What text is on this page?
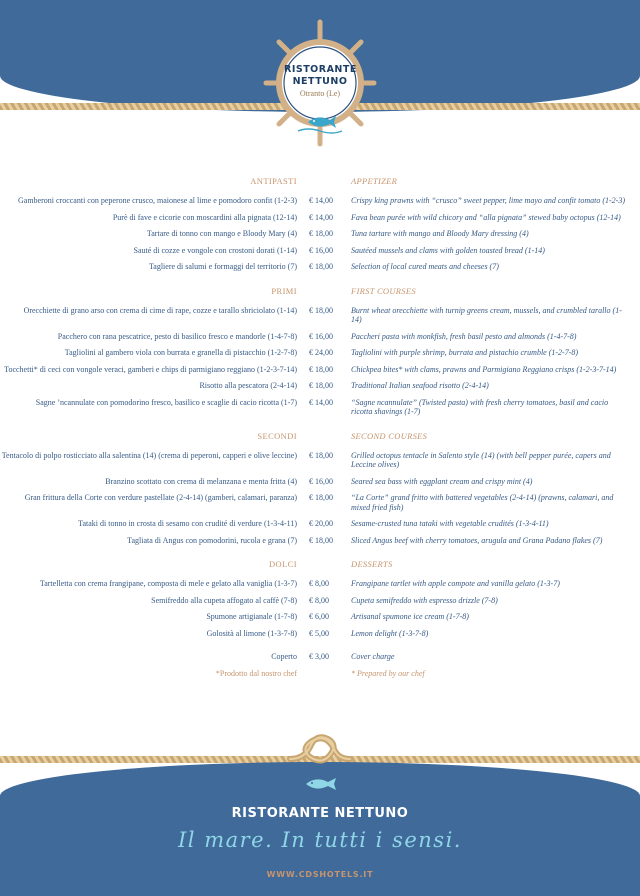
RISTORANTE
NETTUNO
Otranto (Le)
ANTIPASTI	APPETIZER
Gamberoni croccanti con peperone crusco, maionese al lime e pomodoro confit (1-2-3)	€ 14,00	Crispy king prawns with “crusco” sweet pepper, lime mayo and confit tomato (1-2-3)
Purè di fave e cicorie con moscardini alla pignata (12-14)	€ 14,00	Fava bean purée with wild chicory and “alla pignata” stewed baby octopus (12-14)
Tartare di tonno con mango e Bloody Mary (4)	€ 18,00	Tuna tartare with mango and Bloody Mary dressing (4)
Sauté di cozze e vongole con crostoni dorati (1-14)	€ 16,00	Sautéed mussels and clams with golden toasted bread (1-14)
Tagliere di salumi e formaggi del territorio (7)	€ 18,00	Selection of local cured meats and cheeses (7)
PRIMI	FIRST COURSES
Orecchiette di grano arso con crema di cime di rape, cozze e tarallo sbriciolato (1-14)	€ 18,00	Burnt wheat orecchiette with turnip greens cream, mussels, and crumbled tarallo (1-14)
Pacchero con rana pescatrice, pesto di basilico fresco e mandorle (1-4-7-8)	€ 16,00	Paccheri pasta with monkfish, fresh basil pesto and almonds (1-4-7-8)
Tagliolini al gambero viola con burrata e granella di pistacchio (1-2-7-8)	€ 24,00	Tagliolini with purple shrimp, burrata and pistachio crumble (1-2-7-8)
Tocchetti* di ceci con vongole veraci, gamberi e chips di parmigiano reggiano (1-2-3-7-14)	€ 18,00	Chickpea bites* with clams, prawns and Parmigiano Reggiano crisps (1-2-3-7-14)
Risotto alla pescatora (2-4-14)	€ 18,00	Traditional Italian seafood risotto (2-4-14)
Sagne ’ncannulate con pomodorino fresco, basilico e scaglie di cacio ricotta (1-7)	€ 14,00	“Sagne ncannulate” (Twisted pasta) with fresh cherry tomatoes, basil and cacio ricotta shavings (1-7)
SECONDI	SECOND COURSES
Tentacolo di polpo rosticciato alla salentina (14) (crema di peperoni, capperi e olive leccine)	€ 18,00	Grilled octopus tentacle in Salento style (14) (with bell pepper purée, capers and Leccine olives)
Branzino scottato con crema di melanzana e menta fritta (4)	€ 16,00	Seared sea bass with eggplant cream and crispy mint (4)
Gran frittura della Corte con verdure pastellate (2-4-14) (gamberi, calamari, paranza)	€ 18,00	“La Corte” grand fritto with battered vegetables (2-4-14) (prawns, calamari, and mixed fried fish)
Tataki di tonno in crosta di sesamo con crudité di verdure (1-3-4-11)	€ 20,00	Sesame-crusted tuna tataki with vegetable crudités (1-3-4-11)
Tagliata di Angus con pomodorini, rucola e grana (7)	€ 18,00	Sliced Angus beef with cherry tomatoes, arugula and Grana Padano flakes (7)
DOLCI	DESSERTS
Tartelletta con crema frangipane, composta di mele e gelato alla vaniglia (1-3-7)	€ 8,00	Frangipane tartlet with apple compote and vanilla gelato (1-3-7)
Semifreddo alla cupeta affogato al caffè (7-8)	€ 8,00	Cupeta semifreddo with espresso drizzle (7-8)
Spumone artigianale (1-7-8)	€ 6,00	Artisanal spumone ice cream (1-7-8)
Golosità al limone (1-3-7-8)	€ 5,00	Lemon delight (1-3-7-8)
Coperto	€ 3,00	Cover charge
*Prodotto dal nostro chef	* Prepared by our chef
RISTORANTE NETTUNO
Il mare. In tutti i sensi.
WWW.CDSHOTELS.IT
